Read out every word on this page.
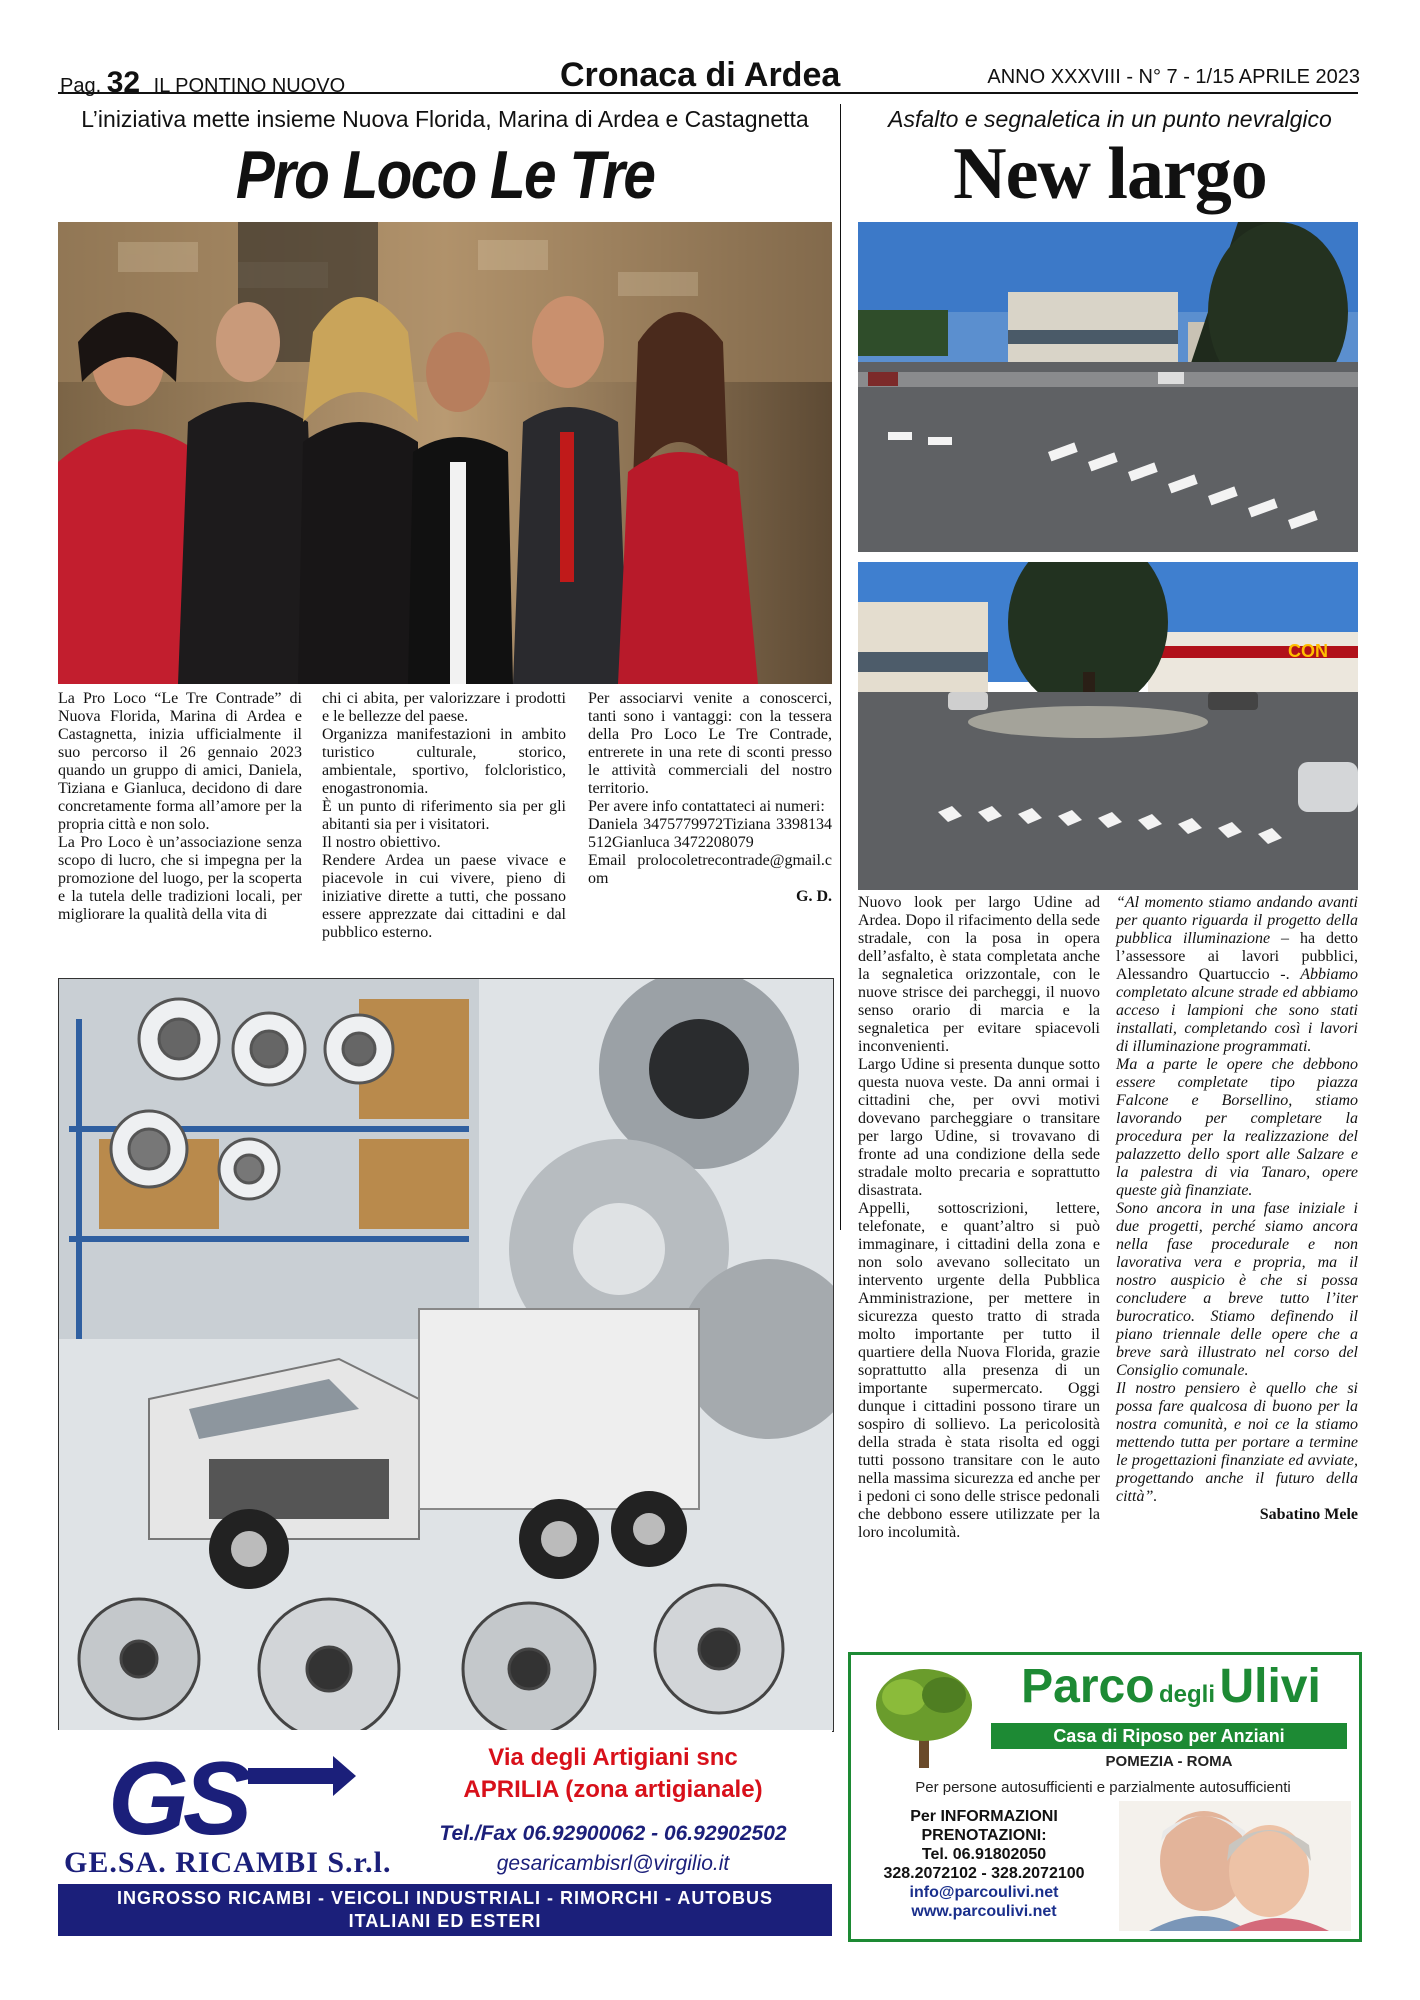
Pag. 32 IL PONTINO NUOVO	Cronaca di Ardea	ANNO XXXVIII - N° 7 - 1/15 APRILE 2023
L’iniziativa mette insieme Nuova Florida, Marina di Ardea e Castagnetta
Pro Loco Le Tre
Asfalto e segnaletica in un punto nevralgico
New largo
CON

La Pro Loco “Le Tre Contrade” di Nuova Florida, Marina di Ardea e Castagnetta, inizia ufficialmente il suo percorso il 26 gennaio 2023 quando un gruppo di amici, Daniela, Tiziana e Gianluca, decidono di dare concretamente forma all’amore per la propria città e non solo.

La Pro Loco è un’associazione senza scopo di lucro, che si impegna per la promozione del luogo, per la scoperta e la tutela delle tradizioni locali, per migliorare la qualità della vita di

chi ci abita, per valorizzare i prodotti e le bellezze del paese.

Organizza manifestazioni in ambito turistico culturale, storico, ambientale, sportivo, folcloristico, enogastronomia.

È un punto di riferimento sia per gli abitanti sia per i visitatori.

Il nostro obiettivo.

Rendere Ardea un paese vivace e piacevole in cui vivere, pieno di iniziative dirette a tutti, che possano essere apprezzate dai cittadini e dal pubblico esterno.

Per associarvi venite a conoscerci, tanti sono i vantaggi: con la tessera della Pro Loco Le Tre Contrade, entrerete in una rete di sconti presso le attività commerciali del nostro territorio.

Per avere info contattateci ai numeri:

Daniela 3475779972Tiziana 3398134512Gianluca 3472208079

Email prolocoletrecontrade@gmail.com

G. D. Nuovo look per largo Udine ad Ardea. Dopo il rifacimento della sede stradale, con la posa in opera dell’asfalto, è stata completata anche la segnaletica orizzontale, con le nuove strisce dei parcheggi, il nuovo senso orario di marcia e la segnaletica per evitare spiacevoli inconvenienti.

Largo Udine si presenta dunque sotto questa nuova veste. Da anni ormai i cittadini che, per ovvi motivi dovevano parcheggiare o transitare per largo Udine, si trovavano di fronte ad una condizione della sede stradale molto precaria e soprattutto disastrata.

Appelli, sottoscrizioni, lettere, telefonate, e quant’altro si può immaginare, i cittadini della zona e non solo avevano sollecitato un intervento urgente della Pubblica Amministrazione, per mettere in sicurezza questo tratto di strada molto importante per tutto il quartiere della Nuova Florida, grazie soprattutto alla presenza di un importante supermercato. Oggi dunque i cittadini possono tirare un sospiro di sollievo. La pericolosità della strada è stata risolta ed oggi tutti possono transitare con le auto nella massima sicurezza ed anche per i pedoni ci sono delle strisce pedonali che debbono essere utilizzate per la loro incolumità.

“Al momento stiamo andando avanti per quanto riguarda il progetto della pubblica illuminazione – ha detto l’assessore ai lavori pubblici, Alessandro Quartuccio -. Abbiamo completato alcune strade ed abbiamo acceso i lampioni che sono stati installati, completando così i lavori di illuminazione programmati.

Ma a parte le opere che debbono essere completate tipo piazza Falcone e Borsellino, stiamo lavorando per completare la procedura per la realizzazione del palazzetto dello sport alle Salzare e la palestra di via Tanaro, opere queste già finanziate.

Sono ancora in una fase iniziale i due progetti, perché siamo ancora nella fase procedurale e non lavorativa vera e propria, ma il nostro auspicio è che si possa concludere a breve tutto l’iter burocratico. Stiamo definendo il piano triennale delle opere che a breve sarà illustrato nel corso del Consiglio comunale.

Il nostro pensiero è quello che si possa fare qualcosa di buono per la nostra comunità, e noi ce la stiamo mettendo tutta per portare a termine le progettazioni finanziate ed avviate, progettando anche il futuro della città”.

Sabatino Mele
GS
GE.SA. RICAMBI S.r.l.
Via degli Artigiani snc
APRILIA (zona artigianale)
Tel./Fax 06.92900062 - 06.92902502
gesaricambisrl@virgilio.it
INGROSSO RICAMBI - VEICOLI INDUSTRIALI - RIMORCHI - AUTOBUS
ITALIANI ED ESTERI
Parco degli Ulivi
Casa di Riposo per Anziani
POMEZIA - ROMA
Per persone autosufficienti e parzialmente autosufficienti
Per INFORMAZIONI
PRENOTAZIONI:
Tel. 06.91802050
328.2072102 - 328.2072100
info@parcoulivi.net
www.parcoulivi.net
